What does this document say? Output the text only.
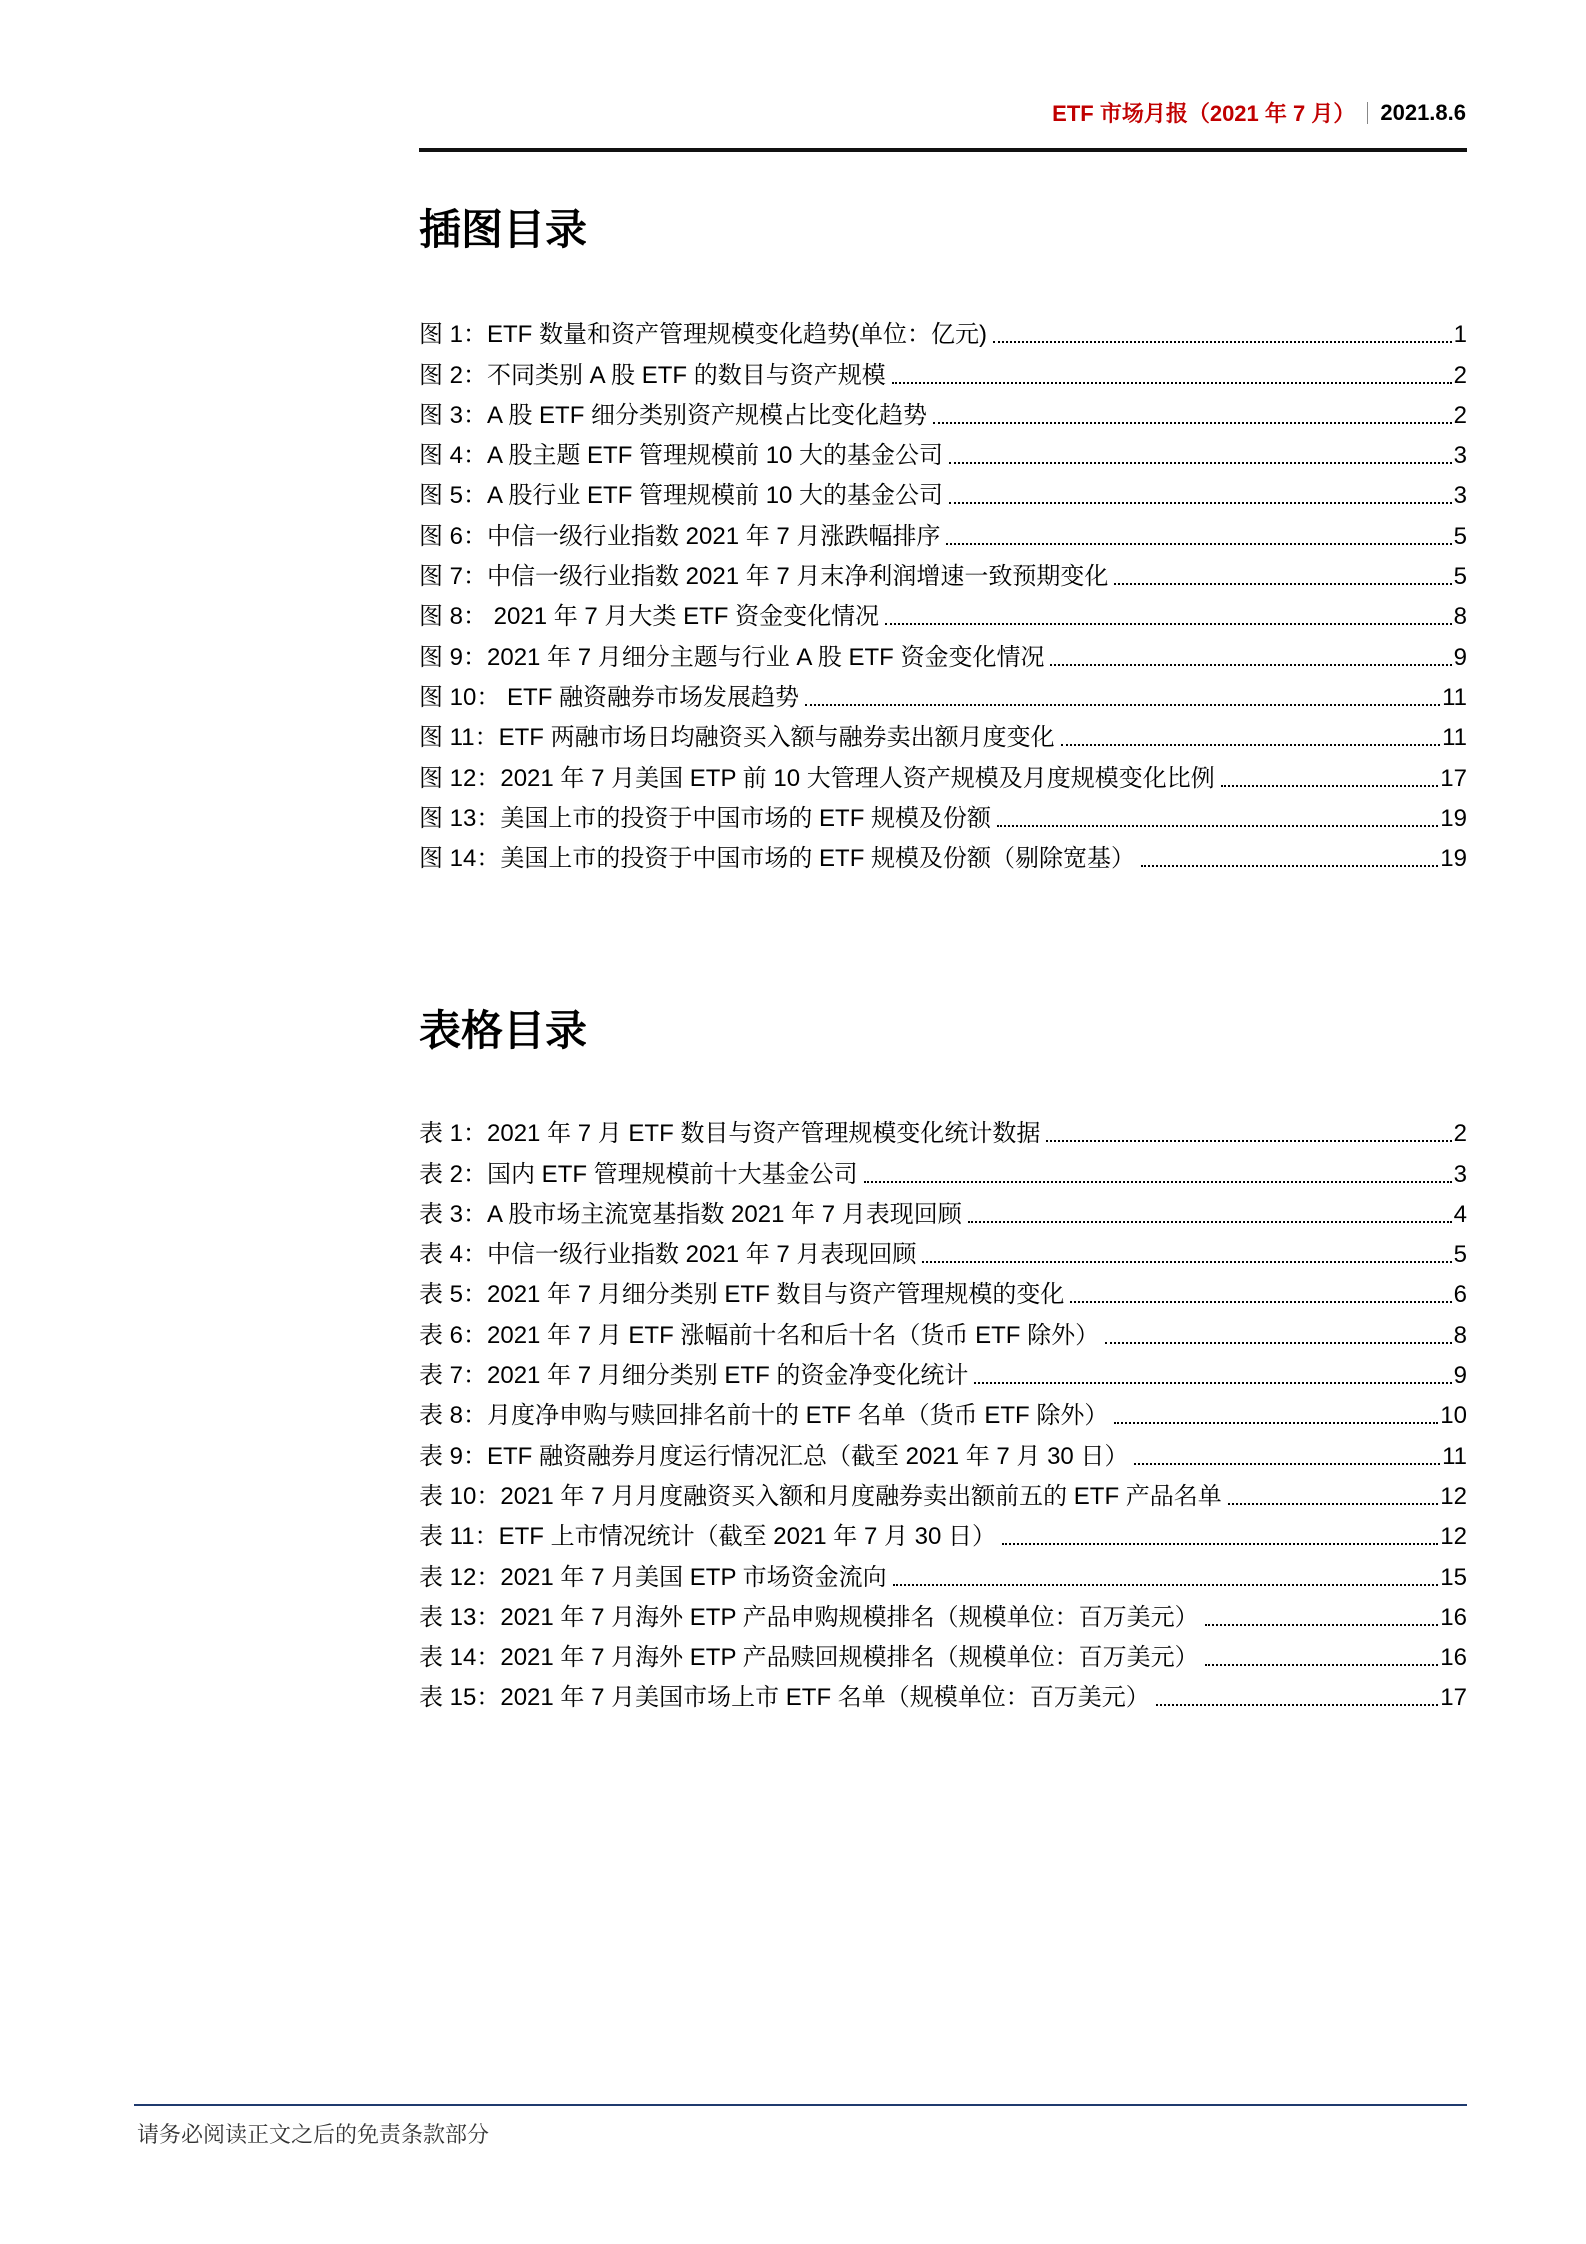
ETF 市场月报（2021 年 7 月） 2021.8.6
插图目录
图 1：ETF 数量和资产管理规模变化趋势(单位：亿元)	1
图 2：不同类别 A 股 ETF 的数目与资产规模	2
图 3：A 股 ETF 细分类别资产规模占比变化趋势	2
图 4：A 股主题 ETF 管理规模前 10 大的基金公司	3
图 5：A 股行业 ETF 管理规模前 10 大的基金公司	3
图 6：中信一级行业指数 2021 年 7 月涨跌幅排序	5
图 7：中信一级行业指数 2021 年 7 月末净利润增速一致预期变化	5
图 8： 2021 年 7 月大类 ETF 资金变化情况	8
图 9：2021 年 7 月细分主题与行业 A 股 ETF 资金变化情况	9
图 10： ETF 融资融券市场发展趋势	11
图 11：ETF 两融市场日均融资买入额与融券卖出额月度变化	11
图 12：2021 年 7 月美国 ETP 前 10 大管理人资产规模及月度规模变化比例	17
图 13：美国上市的投资于中国市场的 ETF 规模及份额	19
图 14：美国上市的投资于中国市场的 ETF 规模及份额（剔除宽基）	19
表格目录
表 1：2021 年 7 月 ETF 数目与资产管理规模变化统计数据	2
表 2：国内 ETF 管理规模前十大基金公司	3
表 3：A 股市场主流宽基指数 2021 年 7 月表现回顾	4
表 4：中信一级行业指数 2021 年 7 月表现回顾	5
表 5：2021 年 7 月细分类别 ETF 数目与资产管理规模的变化	6
表 6：2021 年 7 月 ETF 涨幅前十名和后十名（货币 ETF 除外）	8
表 7：2021 年 7 月细分类别 ETF 的资金净变化统计	9
表 8：月度净申购与赎回排名前十的 ETF 名单（货币 ETF 除外）	10
表 9：ETF 融资融券月度运行情况汇总（截至 2021 年 7 月 30 日）	11
表 10：2021 年 7 月月度融资买入额和月度融券卖出额前五的 ETF 产品名单	12
表 11：ETF 上市情况统计（截至 2021 年 7 月 30 日）	12
表 12：2021 年 7 月美国 ETP 市场资金流向	15
表 13：2021 年 7 月海外 ETP 产品申购规模排名（规模单位：百万美元）	16
表 14：2021 年 7 月海外 ETP 产品赎回规模排名（规模单位：百万美元）	16
表 15：2021 年 7 月美国市场上市 ETF 名单（规模单位：百万美元）	17
请务必阅读正文之后的免责条款部分
